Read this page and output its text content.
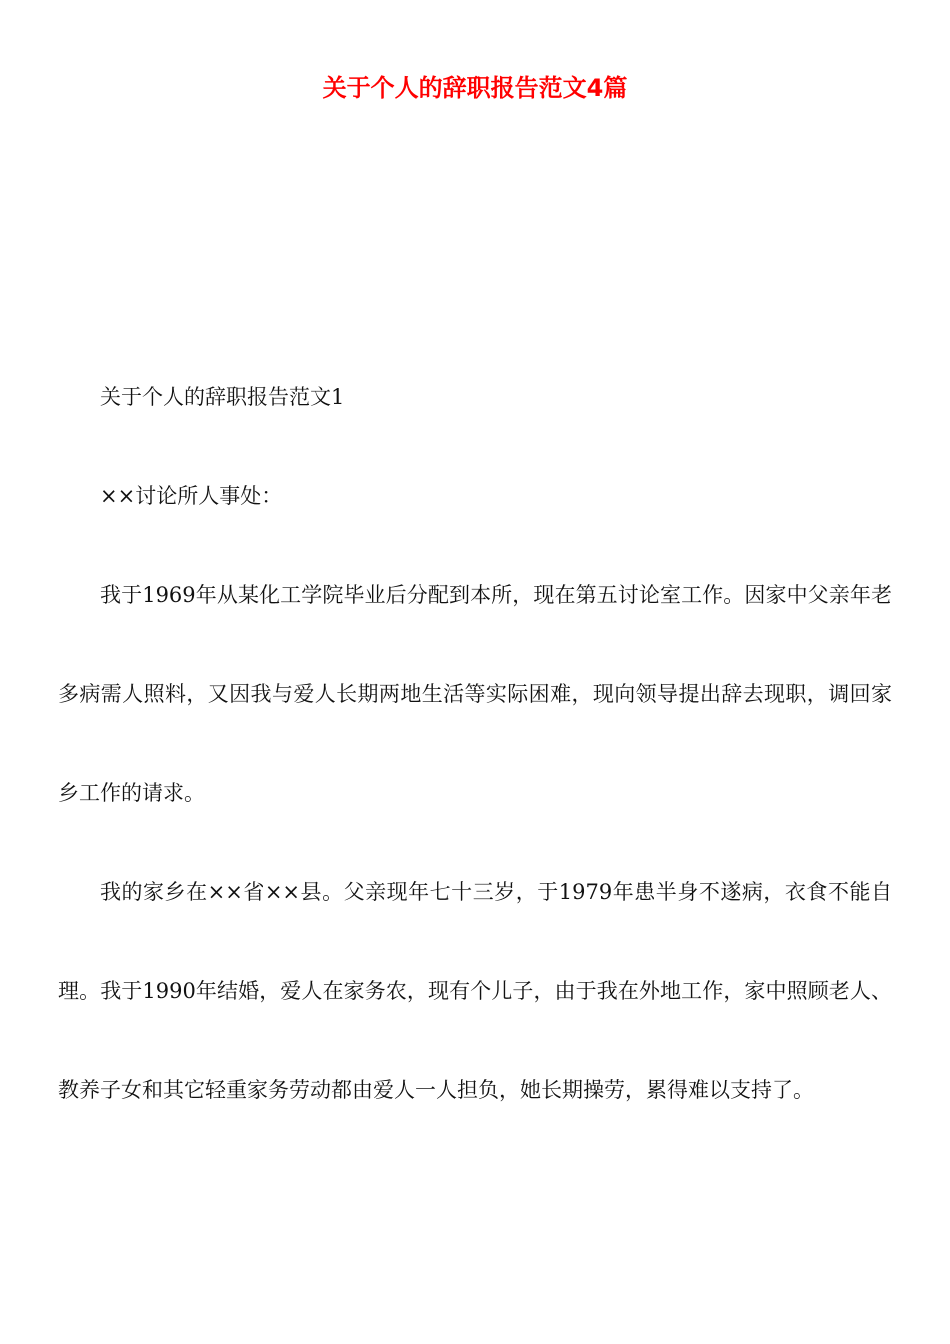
关于个人的辞职报告范文4篇

关于个人的辞职报告范文1

××讨论所人事处：

我于1969年从某化工学院毕业后分配到本所，现在第五讨论室工作。因家中父亲年老多病需人照料，又因我与爱人长期两地生活等实际困难，现向领导提出辞去现职，调回家乡工作的请求。

我的家乡在××省××县。父亲现年七十三岁，于1979年患半身不遂病，衣食不能自理。我于1990年结婚，爱人在家务农，现有个儿子，由于我在外地工作，家中照顾老人、教养子女和其它轻重家务劳动都由爱人一人担负，她长期操劳，累得难以支持了。
